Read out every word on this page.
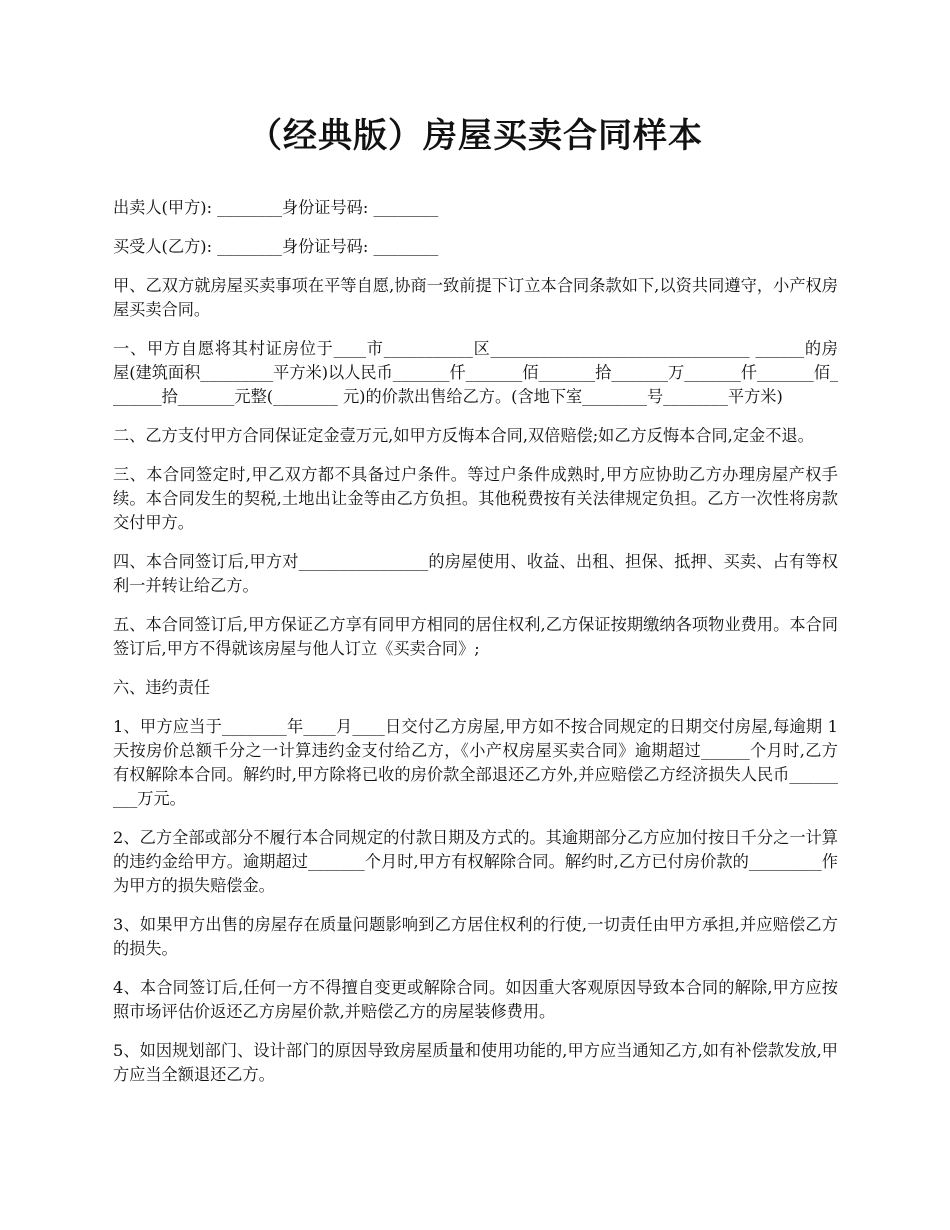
（经典版）房屋买卖合同样本

出卖人(甲方): ________身份证号码: ________

买受人(乙方): ________身份证号码: ________

甲、乙双方就房屋买卖事项在平等自愿,协商一致前提下订立本合同条款如下,以资共同遵守，小产权房屋买卖合同。

一、甲方自愿将其村证房位于____市___________区________________________________ ______的房屋(建筑面积_________平方米)以人民币_______仟_______佰_______拾_______万_______仟_______佰_______拾_______元整(________ 元)的价款出售给乙方。(含地下室________号________平方米)

二、乙方支付甲方合同保证定金壹万元,如甲方反悔本合同,双倍赔偿;如乙方反悔本合同,定金不退。

三、本合同签定时,甲乙双方都不具备过户条件。等过户条件成熟时,甲方应协助乙方办理房屋产权手续。本合同发生的契税,土地出让金等由乙方负担。其他税费按有关法律规定负担。乙方一次性将房款交付甲方。

四、本合同签订后,甲方对________________的房屋使用、收益、出租、担保、抵押、买卖、占有等权利一并转让给乙方。

五、本合同签订后,甲方保证乙方享有同甲方相同的居住权利,乙方保证按期缴纳各项物业费用。本合同签订后,甲方不得就该房屋与他人订立《买卖合同》;

六、违约责任

1、甲方应当于________年____月____日交付乙方房屋,甲方如不按合同规定的日期交付房屋,每逾期 1 天按房价总额千分之一计算违约金支付给乙方，《小产权房屋买卖合同》逾期超过______个月时,乙方有权解除本合同。解约时,甲方除将已收的房价款全部退还乙方外,并应赔偿乙方经济损失人民币_________万元。

2、乙方全部或部分不履行本合同规定的付款日期及方式的。其逾期部分乙方应加付按日千分之一计算的违约金给甲方。逾期超过_______个月时,甲方有权解除合同。解约时,乙方已付房价款的_________作为甲方的损失赔偿金。

3、如果甲方出售的房屋存在质量问题影响到乙方居住权利的行使,一切责任由甲方承担,并应赔偿乙方的损失。

4、本合同签订后,任何一方不得擅自变更或解除合同。如因重大客观原因导致本合同的解除,甲方应按照市场评估价返还乙方房屋价款,并赔偿乙方的房屋装修费用。

5、如因规划部门、设计部门的原因导致房屋质量和使用功能的,甲方应当通知乙方,如有补偿款发放,甲方应当全额退还乙方。
